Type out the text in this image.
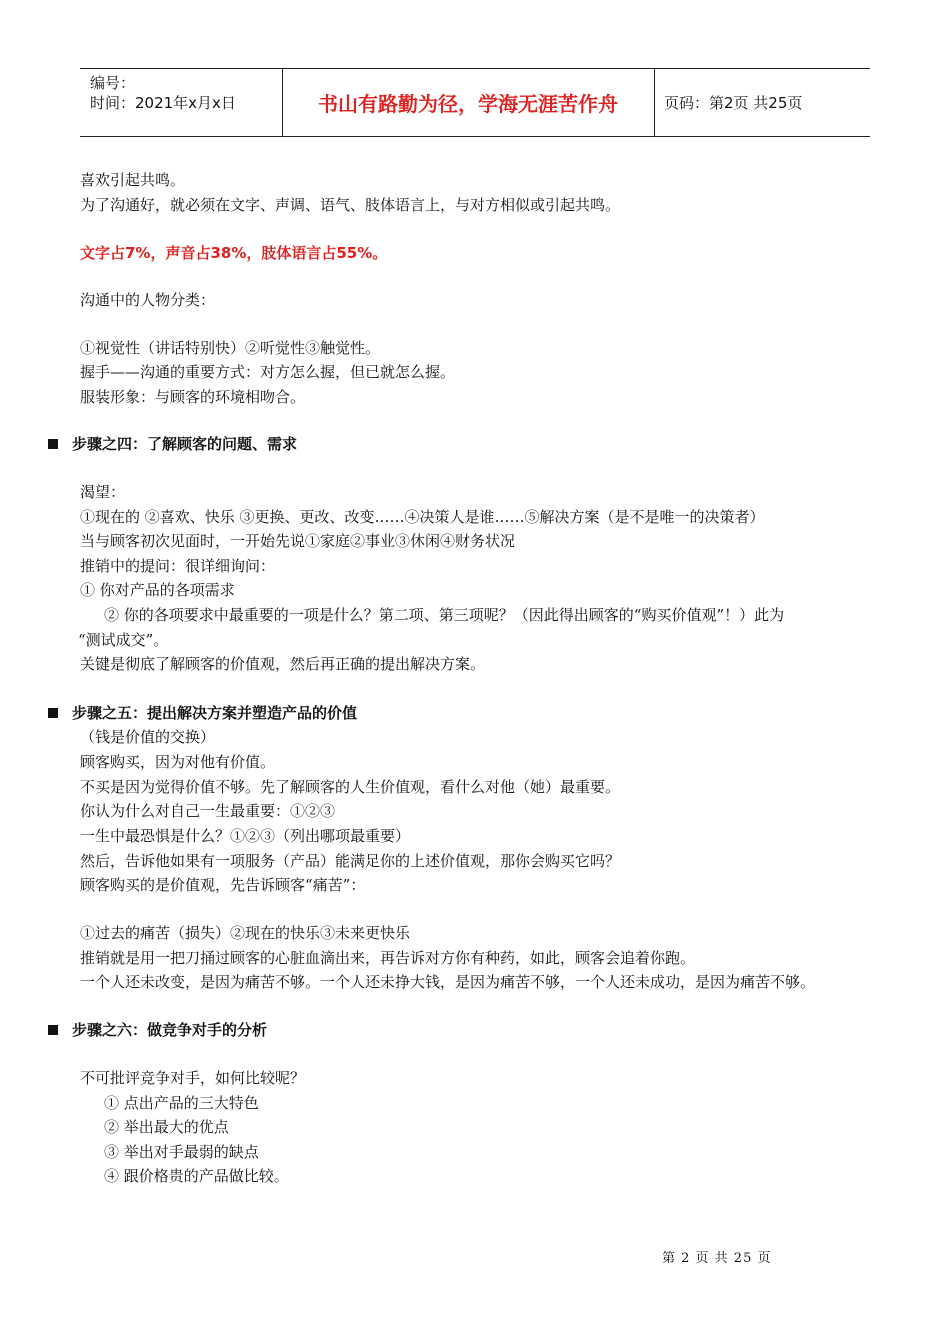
编号：
时间：2021年x月x日	书山有路勤为径，学海无涯苦作舟	页码：第2页 共25页
喜欢引起共鸣。
为了沟通好，就必须在文字、声调、语气、肢体语言上，与对方相似或引起共鸣。
文字占7%，声音占38%，肢体语言占55%。
沟通中的人物分类：
①视觉性（讲话特别快）②听觉性③触觉性。
握手——沟通的重要方式：对方怎么握，但已就怎么握。
服装形象：与顾客的环境相吻合。
步骤之四：了解顾客的问题、需求
渴望：
①现在的 ②喜欢、快乐 ③更换、更改、改变……④决策人是谁……⑤解决方案（是不是唯一的决策者）
当与顾客初次见面时，一开始先说①家庭②事业③休闲④财务状况
推销中的提问：很详细询问：
① 你对产品的各项需求
② 你的各项要求中最重要的一项是什么？第二项、第三项呢？（因此得出顾客的“购买价值观”！）此为
“测试成交”。
关键是彻底了解顾客的价值观，然后再正确的提出解决方案。
步骤之五：提出解决方案并塑造产品的价值
（钱是价值的交换）
顾客购买，因为对他有价值。
不买是因为觉得价值不够。先了解顾客的人生价值观，看什么对他（她）最重要。
你认为什么对自己一生最重要：①②③
一生中最恐惧是什么？①②③（列出哪项最重要）
然后，告诉他如果有一项服务（产品）能满足你的上述价值观，那你会购买它吗？
顾客购买的是价值观，先告诉顾客“痛苦”：
①过去的痛苦（损失）②现在的快乐③未来更快乐
推销就是用一把刀捅过顾客的心脏血滴出来，再告诉对方你有种药，如此，顾客会追着你跑。
一个人还未改变，是因为痛苦不够。一个人还未挣大钱，是因为痛苦不够，一个人还未成功，是因为痛苦不够。
步骤之六：做竞争对手的分析
不可批评竞争对手，如何比较呢？
① 点出产品的三大特色
② 举出最大的优点
③ 举出对手最弱的缺点
④ 跟价格贵的产品做比较。
第 2 页 共 25 页
